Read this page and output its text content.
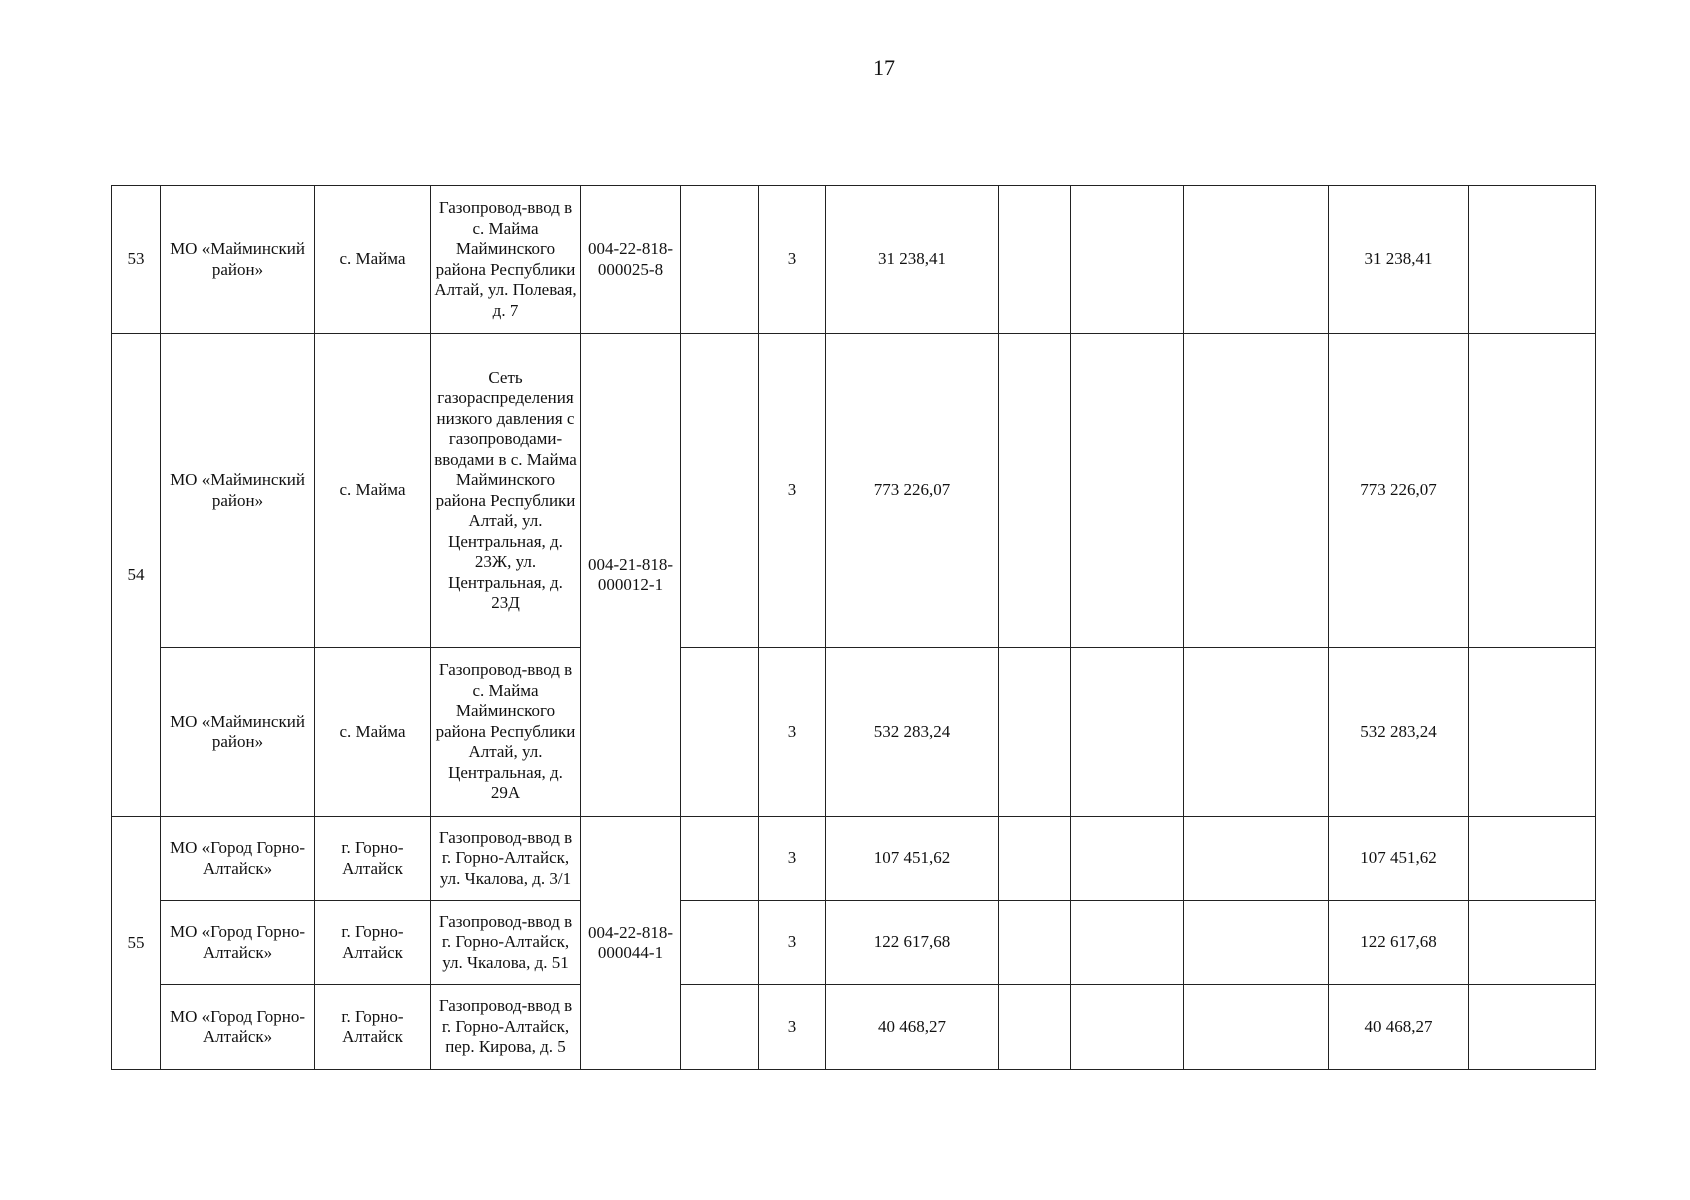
17
53	МО «Майминский район»	с. Майма	Газопровод-ввод в с. Майма Майминского района Республики Алтай, ул. Полевая, д. 7	004-22-818-000025-8		3	31 238,41				31 238,41	
54	МО «Майминский район»	с. Майма	Сеть газораспределения низкого давления с газопроводами-вводами в с. Майма Майминского района Республики Алтай, ул. Центральная, д. 23Ж, ул. Центральная, д. 23Д	004-21-818-000012-1		3	773 226,07				773 226,07	
	МО «Майминский район»	с. Майма	Газопровод-ввод в с. Майма Майминского района Республики Алтай, ул. Центральная, д. 29А			3	532 283,24				532 283,24	
55	МО «Город Горно-Алтайск»	г. Горно-Алтайск	Газопровод-ввод в г. Горно-Алтайск, ул. Чкалова, д. 3/1	004-22-818-000044-1		3	107 451,62				107 451,62	
	МО «Город Горно-Алтайск»	г. Горно-Алтайск	Газопровод-ввод в г. Горно-Алтайск, ул. Чкалова, д. 51			3	122 617,68				122 617,68	
	МО «Город Горно-Алтайск»	г. Горно-Алтайск	Газопровод-ввод в г. Горно-Алтайск, пер. Кирова, д. 5			3	40 468,27				40 468,27	
